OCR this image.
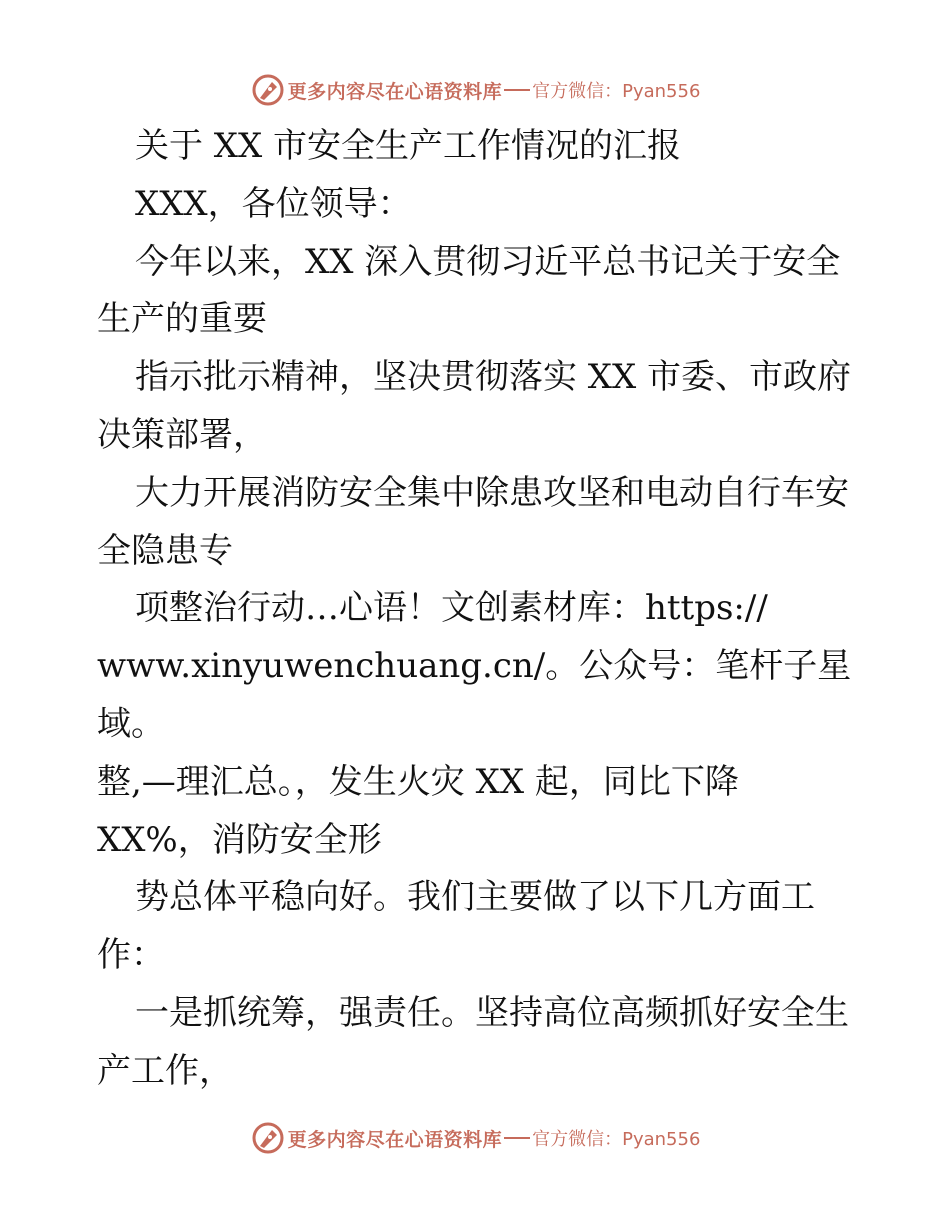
更多内容尽在心语资料库 官方微信：Pyan556

关于 XX 市安全生产工作情况的汇报

XXX，各位领导：

今年以来，XX 深入贯彻习近平总书记关于安全
生产的重要

指示批示精神，坚决贯彻落实 XX 市委、市政府
决策部署，

大力开展消防安全集中除患攻坚和电动自行车安
全隐患专

项整治行动…心语！文创素材库：https://
www.xinyuwenchuang.cn/。公众号：笔杆子星域。
整,—理汇总。，发生火灾 XX 起，同比下降
XX%，消防安全形

势总体平稳向好。我们主要做了以下几方面工
作：

一是抓统筹，强责任。坚持高位高频抓好安全生
产工作，

更多内容尽在心语资料库 官方微信：Pyan556
